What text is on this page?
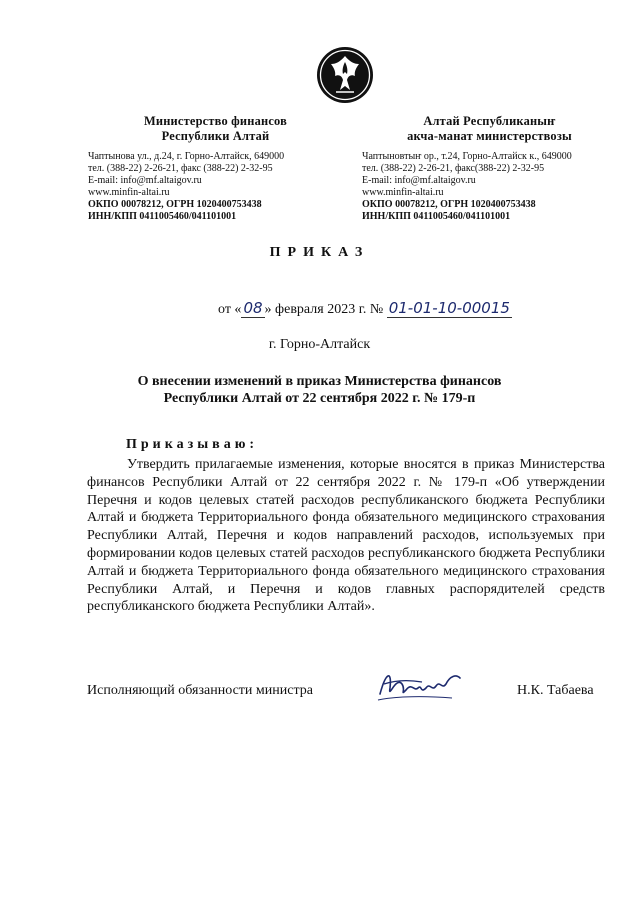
Министерство финансов
Республики Алтай
Чаптынова ул., д.24, г. Горно-Алтайск, 649000
тел. (388-22) 2-26-21, факс (388-22) 2-32-95
E-mail: info@mf.altaigov.ru
www.minfin-altai.ru
ОКПО 00078212, ОГРН 1020400753438
ИНН/КПП 0411005460/041101001
Алтай Республиканыҥ
акча-манат министерствозы
Чаптыновтыҥ ор., т.24, Горно-Алтайск к., 649000
тел. (388-22) 2-26-21, факс(388-22) 2-32-95
E-mail: info@mf.altaigov.ru
www.minfin-altai.ru
ОКПО 00078212, ОГРН 1020400753438
ИНН/КПП 0411005460/041101001
ПРИКАЗ
от « 08 » февраля 2023 г. № 01-01-10-00015
г. Горно-Алтайск
О внесении изменений в приказ Министерства финансов
Республики Алтай от 22 сентября 2022 г. № 179-п
Приказываю:

Утвердить прилагаемые изменения, которые вносятся в приказ Министерства финансов Республики Алтай от 22 сентября 2022 г. № 179-п «Об утверждении Перечня и кодов целевых статей расходов республиканского бюджета Республики Алтай и бюджета Территориального фонда обязательного медицинского страхования Республики Алтай, Перечня и кодов направлений расходов, используемых при формировании кодов целевых статей расходов республиканского бюджета Республики Алтай и бюджета Территориального фонда обязательного медицинского страхования Республики Алтай, и Перечня и кодов главных распорядителей средств республиканского бюджета Республики Алтай».

Исполняющий обязанности министра	Н.К. Табаева
